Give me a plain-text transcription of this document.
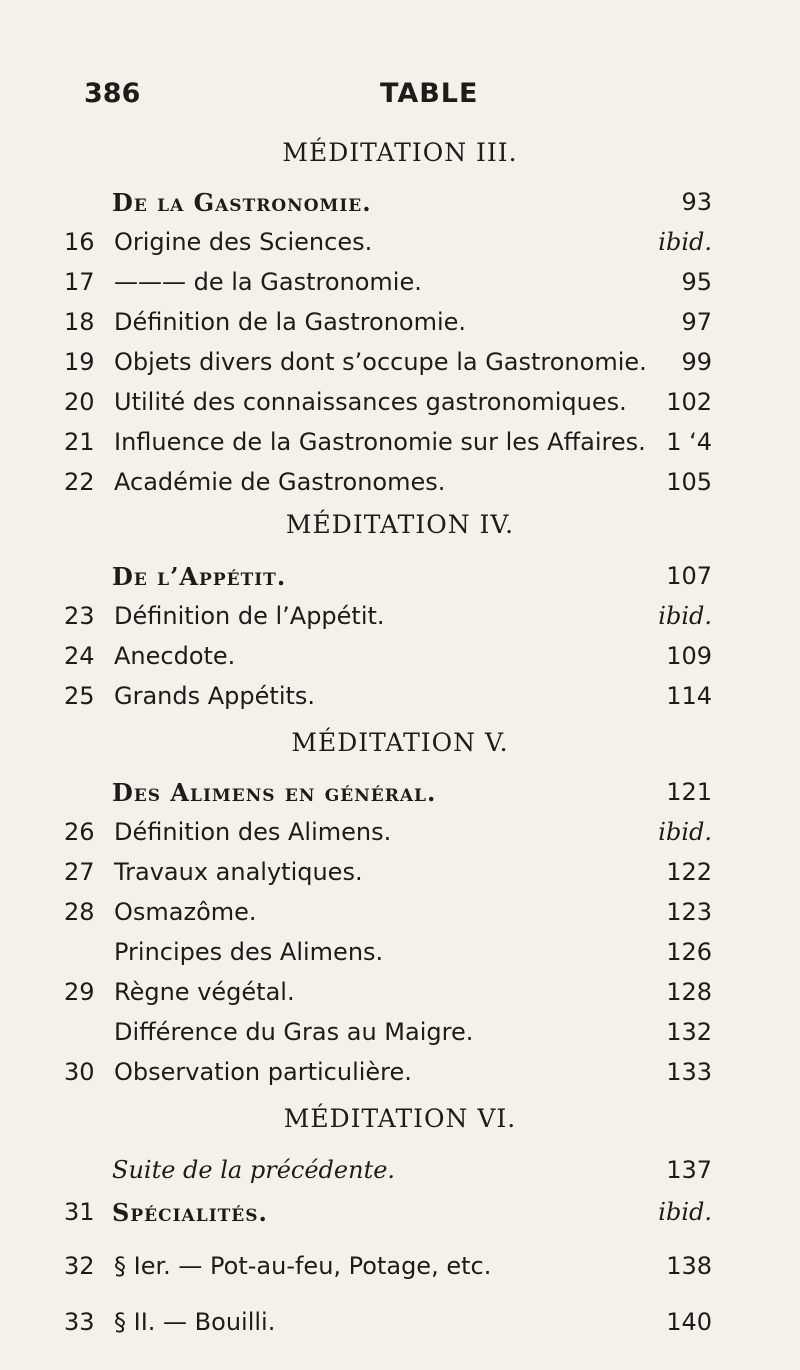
386	TABLE
MÉDITATION III.
De la Gastronomie.	93
16 Origine des Sciences.	ibid.
17 ——— de la Gastronomie.	95
18 Définition de la Gastronomie.	97
19 Objets divers dont s’occupe la Gastronomie. 99
20 Utilité des connaissances gastronomiques. 102
21 Influence de la Gastronomie sur les Affaires. 1 ‘4
22 Académie de Gastronomes.	105
MÉDITATION IV.
De l’Appétit.	107
23 Définition de l’Appétit.	ibid.
24 Anecdote.	109
25 Grands Appétits.	114
MÉDITATION V.
Des Alimens en général.	121
26 Définition des Alimens.	ibid.
27 Travaux analytiques.	122
28 Osmazôme.	123
Principes des Alimens.	126
29 Règne végétal.	128
Différence du Gras au Maigre.	132
30 Observation particulière.	133
MÉDITATION VI.
Suite de la précédente.	137
31 Spécialités.	ibid.
32 § Ier. — Pot-au-feu, Potage, etc.	138
33 § II. — Bouilli.	140
